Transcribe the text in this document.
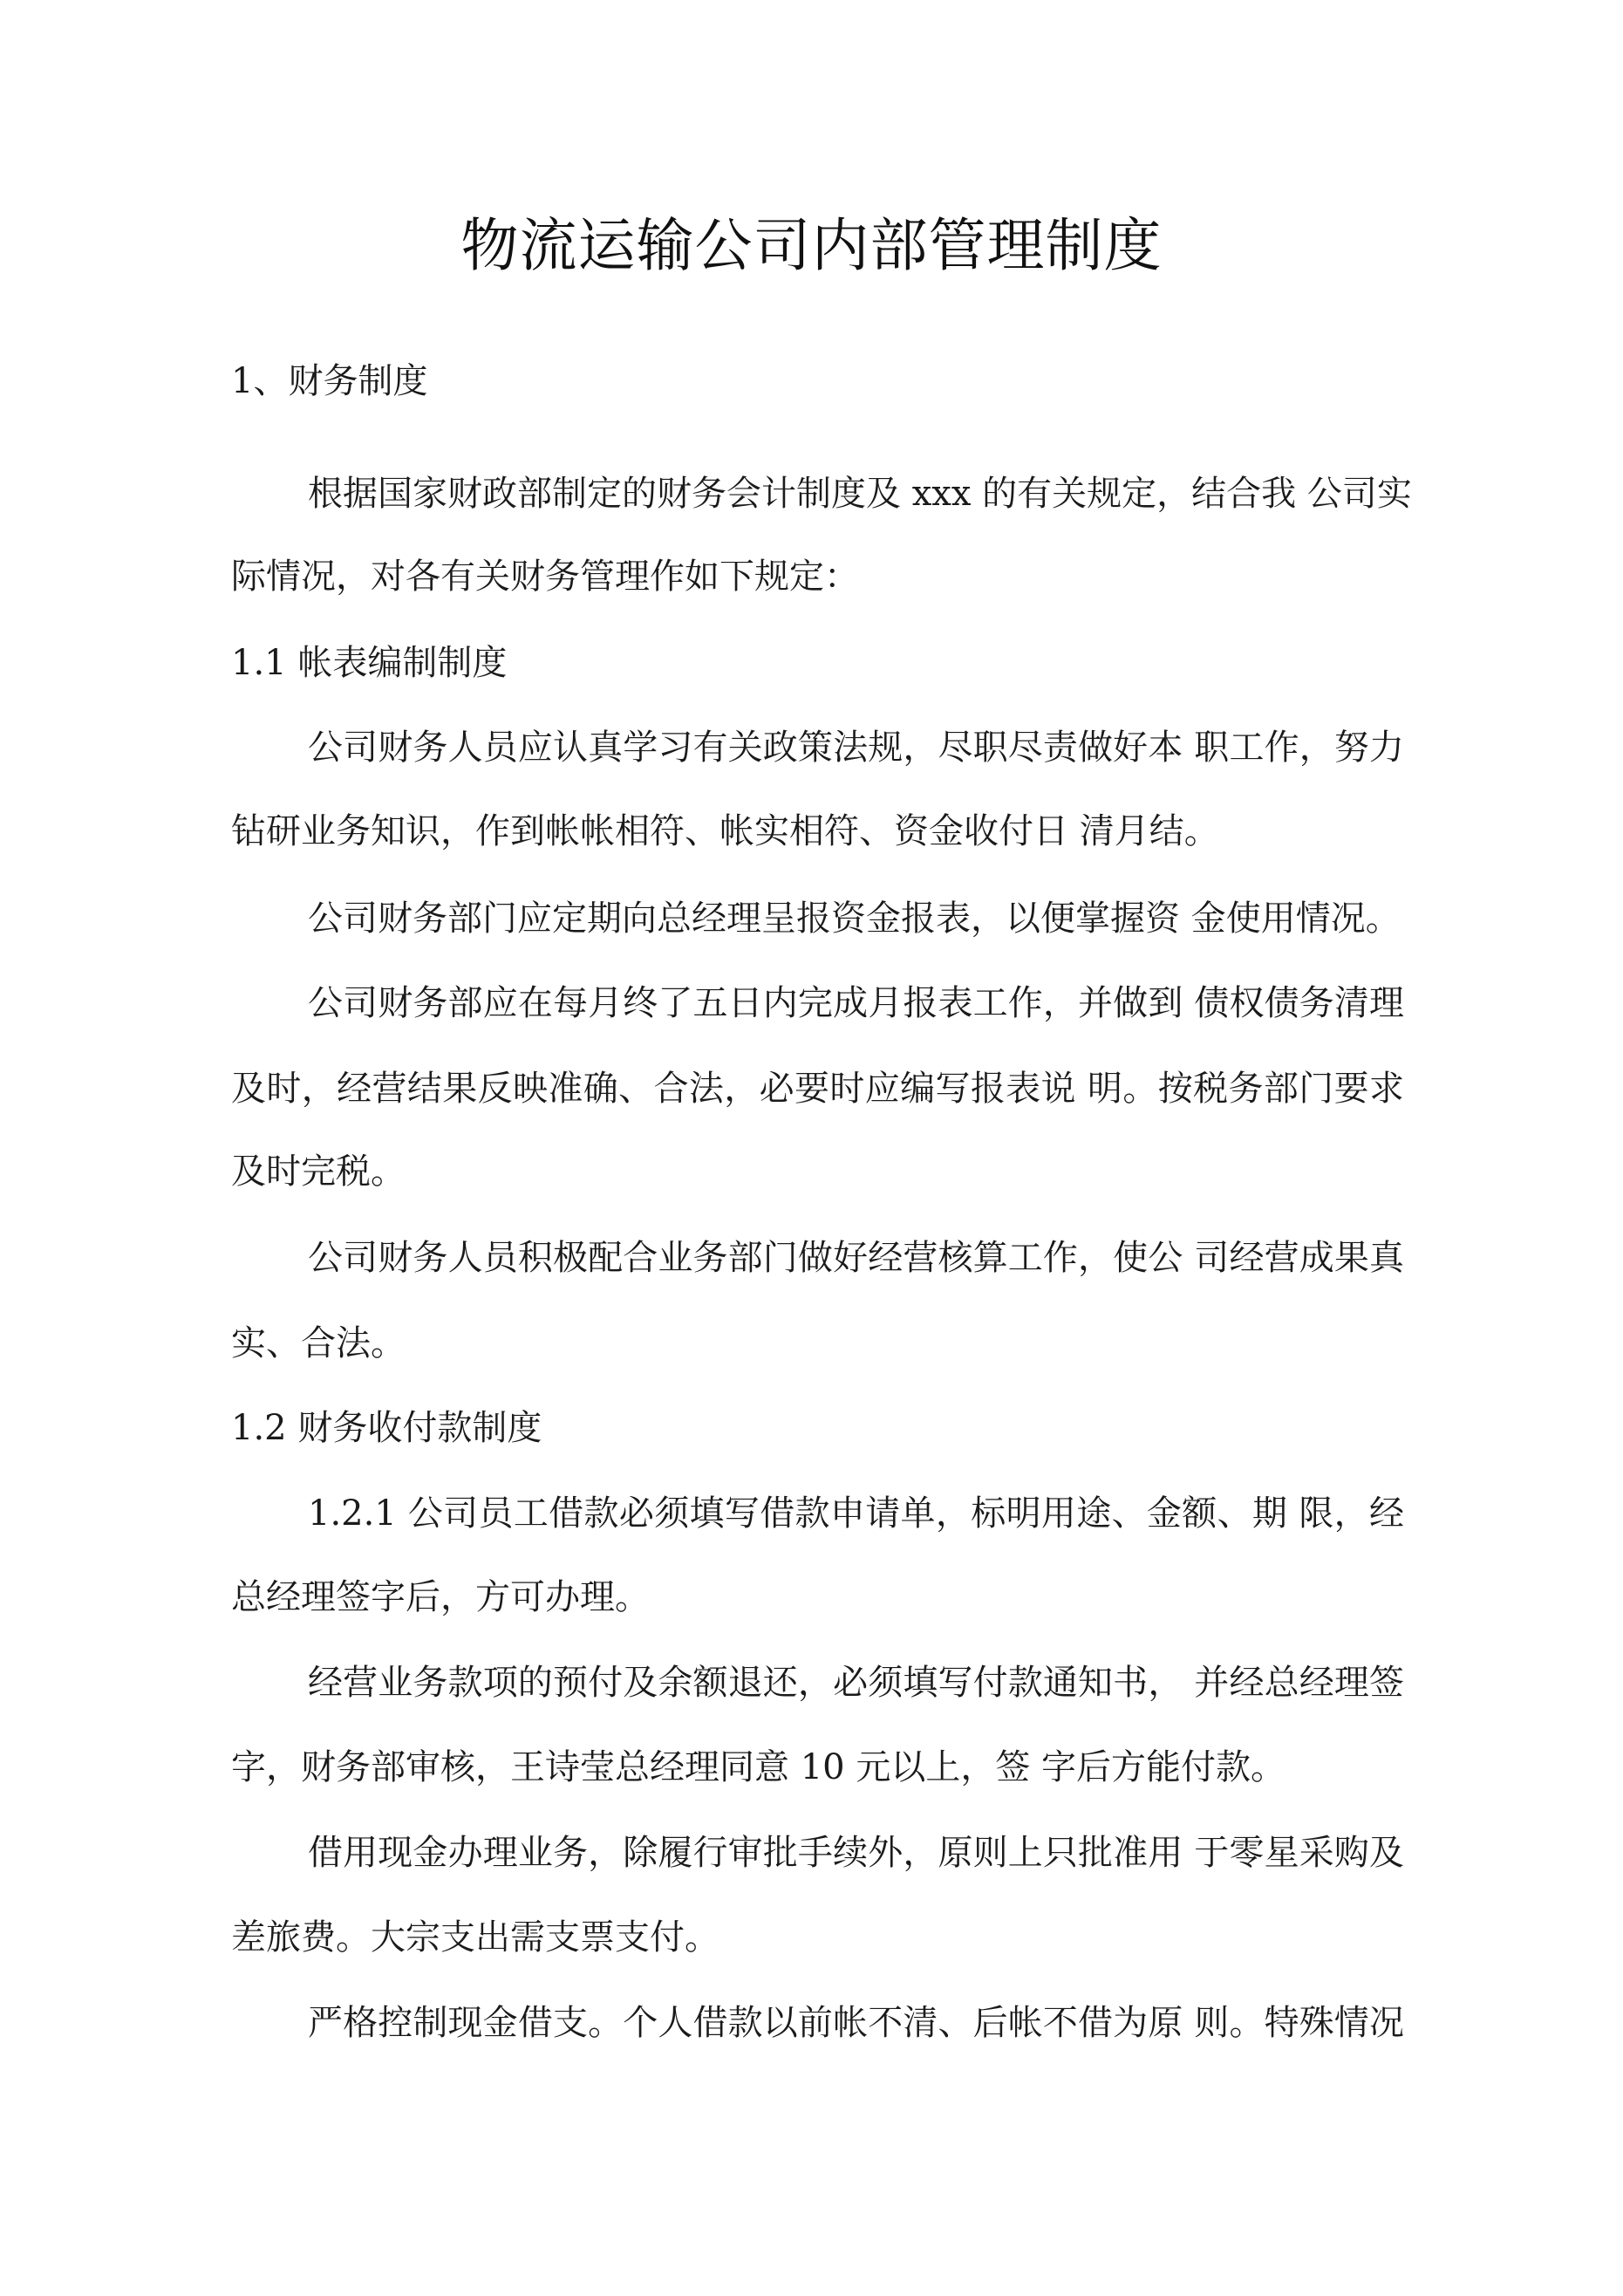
物流运输公司内部管理制度
1、财务制度
根据国家财政部制定的财务会计制度及 xxx 的有关规定，结合我 公司实
际情况，对各有关财务管理作如下规定：
1.1 帐表编制制度
公司财务人员应认真学习有关政策法规，尽职尽责做好本 职工作，努力
钻研业务知识，作到帐帐相符、帐实相符、资金收付日 清月结。
公司财务部门应定期向总经理呈报资金报表，以便掌握资 金使用情况。
公司财务部应在每月终了五日内完成月报表工作，并做到 债权债务清理
及时，经营结果反映准确、合法，必要时应编写报表说 明。按税务部门要求
及时完税。
公司财务人员积极配合业务部门做好经营核算工作，使公 司经营成果真
实、合法。
1.2 财务收付款制度
1.2.1 公司员工借款必须填写借款申请单，标明用途、金额、期 限，经
总经理签字后，方可办理。
经营业务款项的预付及余额退还，必须填写付款通知书， 并经总经理签
字，财务部审核，王诗莹总经理同意 10 元以上，签 字后方能付款。
借用现金办理业务，除履行审批手续外，原则上只批准用 于零星采购及
差旅费。大宗支出需支票支付。
严格控制现金借支。个人借款以前帐不清、后帐不借为原 则。特殊情况
